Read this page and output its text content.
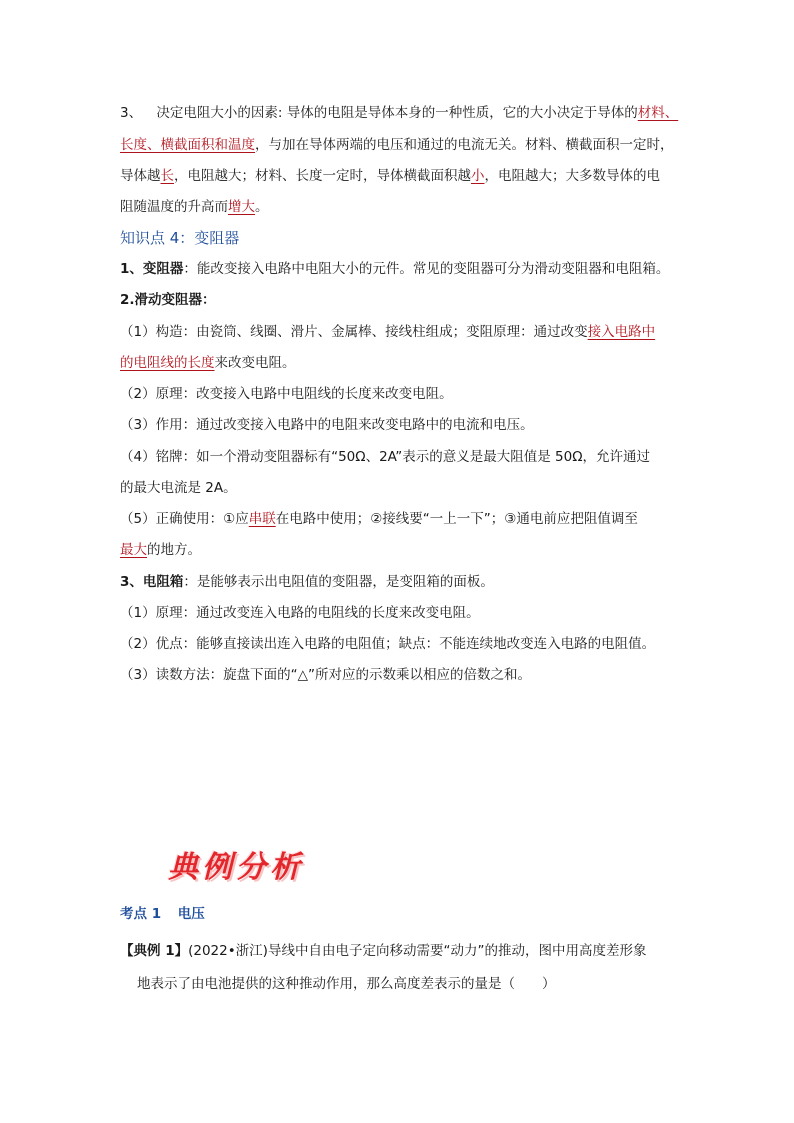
3、 决定电阻大小的因素: 导体的电阻是导体本身的一种性质，它的大小决定于导体的材料、
长度、横截面积和温度，与加在导体两端的电压和通过的电流无关。材料、横截面积一定时，
导体越长，电阻越大；材料、长度一定时，导体横截面积越小，电阻越大；大多数导体的电
阻随温度的升高而增大。
知识点 4：变阻器
1、变阻器：能改变接入电路中电阻大小的元件。常见的变阻器可分为滑动变阻器和电阻箱。
2.滑动变阻器：
（1）构造：由瓷筒、线圈、滑片、金属棒、接线柱组成；变阻原理：通过改变接入电路中
的电阻线的长度来改变电阻。
（2）原理：改变接入电路中电阻线的长度来改变电阻。
（3）作用：通过改变接入电路中的电阻来改变电路中的电流和电压。
（4）铭牌：如一个滑动变阻器标有“50Ω、2A”表示的意义是最大阻值是 50Ω，允许通过
的最大电流是 2A。
（5）正确使用：①应串联在电路中使用；②接线要“一上一下”；③通电前应把阻值调至
最大的地方。
3、电阻箱：是能够表示出电阻值的变阻器，是变阻箱的面板。
（1）原理：通过改变连入电路的电阻线的长度来改变电阻。
（2）优点：能够直接读出连入电路的电阻值；缺点：不能连续地改变连入电路的电阻值。
（3）读数方法：旋盘下面的“△”所对应的示数乘以相应的倍数之和。
典例分析
考点 1 电压
【典例 1】(2022•浙江)导线中自由电子定向移动需要“动力”的推动，图中用高度差形象
地表示了由电池提供的这种推动作用，那么高度差表示的量是（　　）
